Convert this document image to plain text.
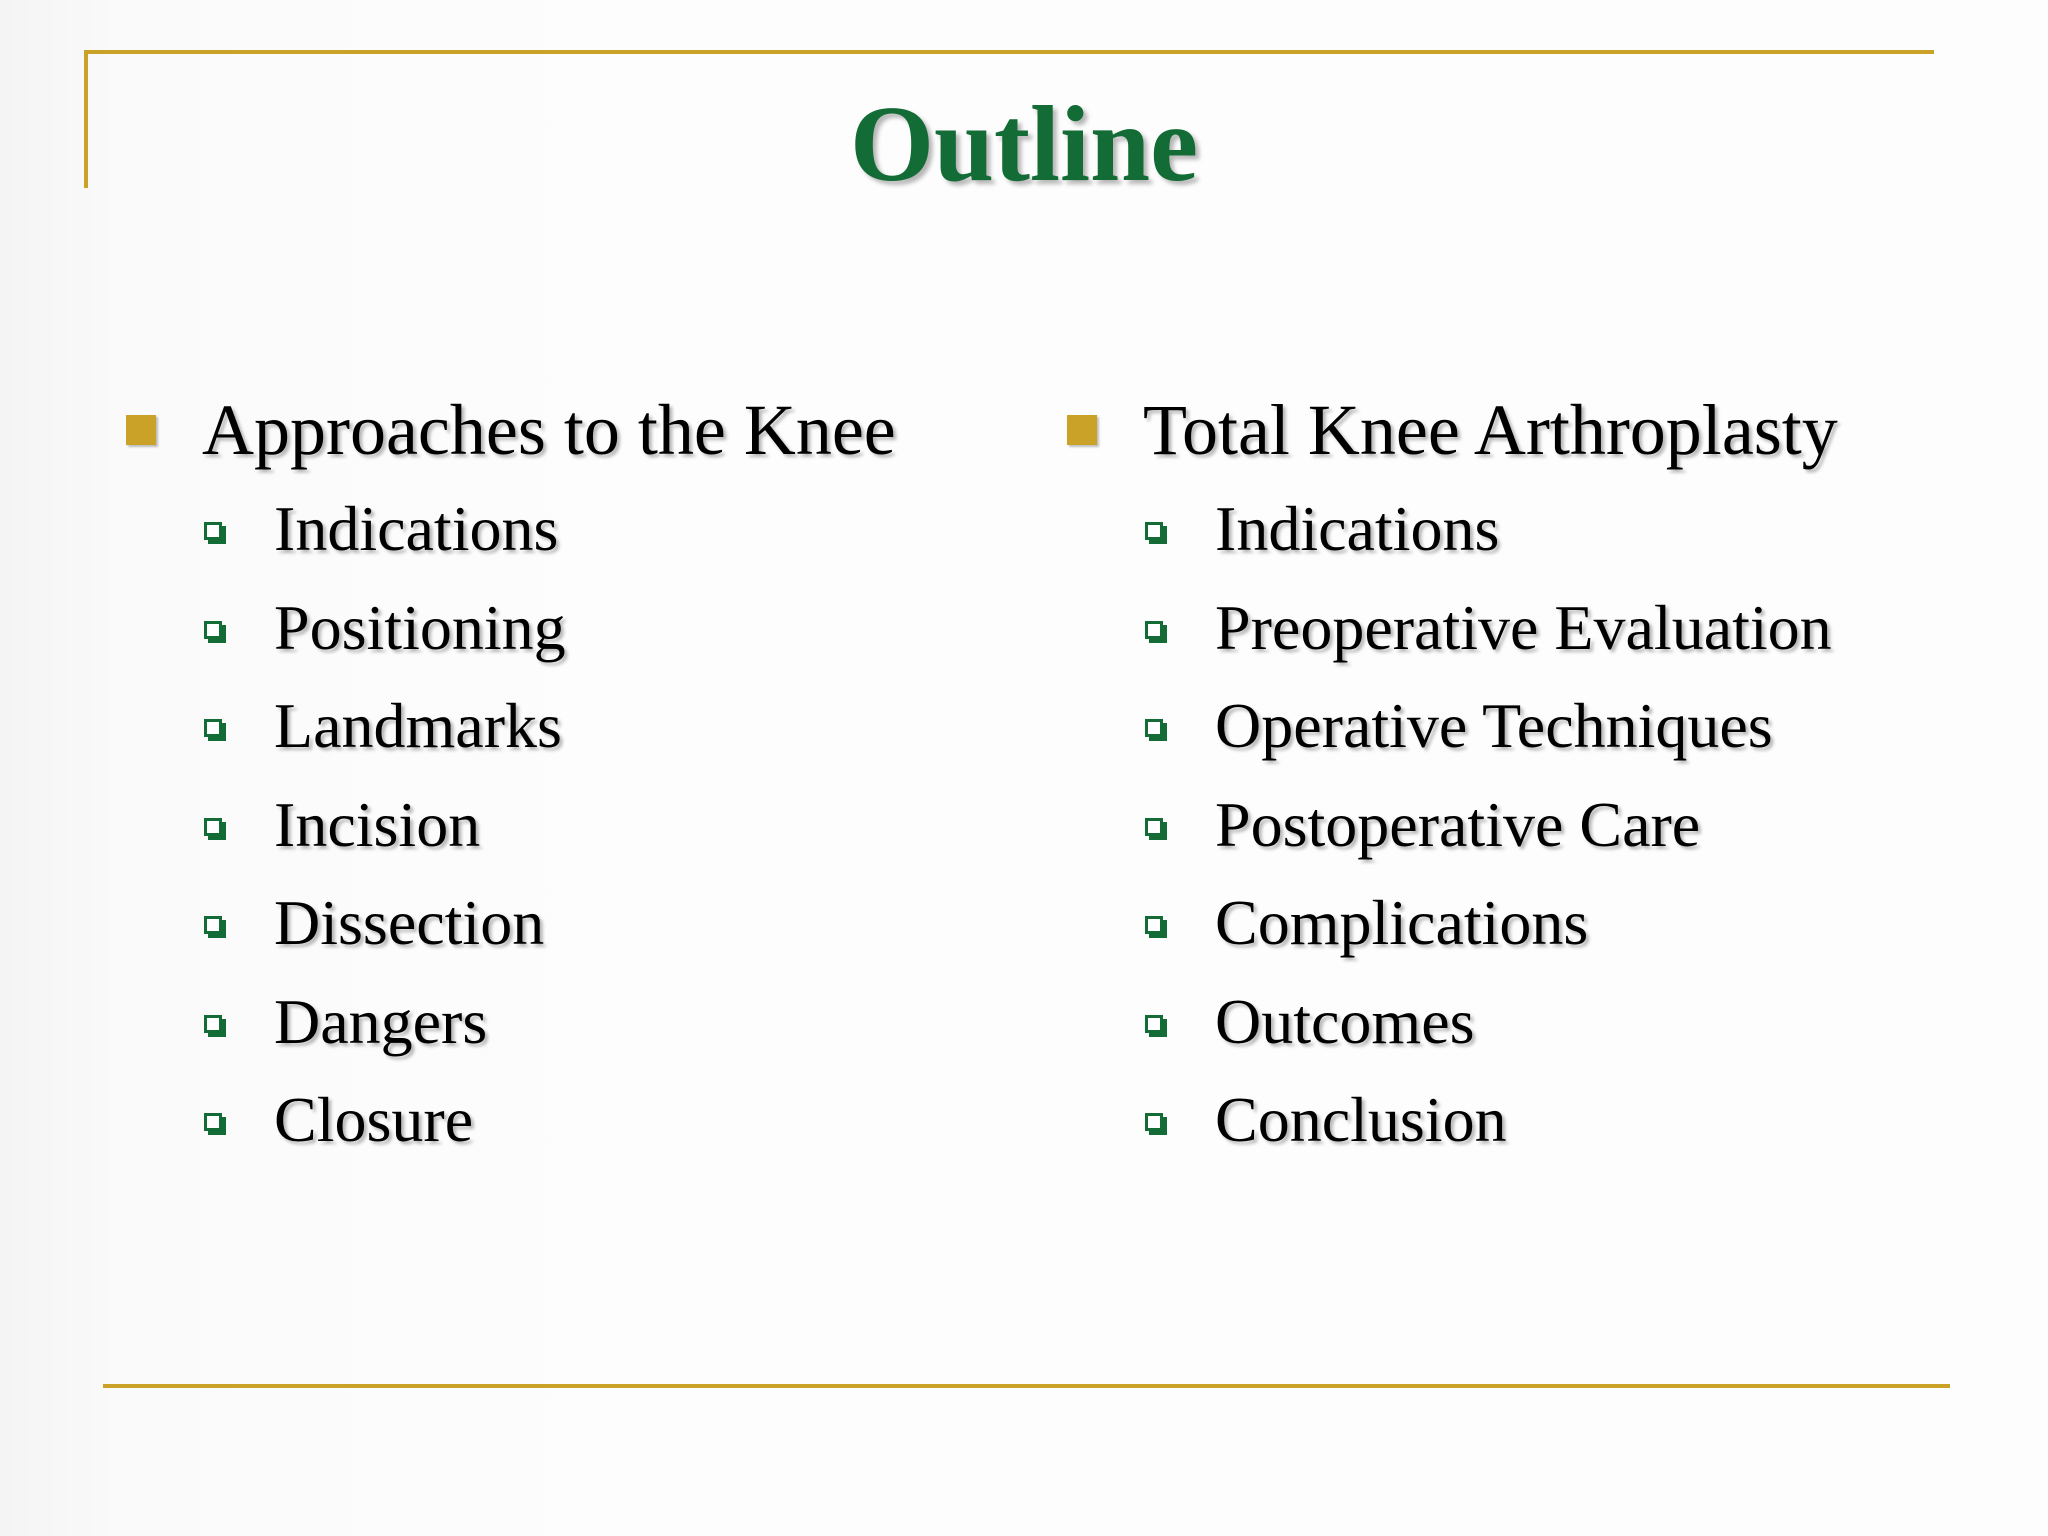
Outline
Approaches to the Knee
Indications
Positioning
Landmarks
Incision
Dissection
Dangers
Closure
Total Knee Arthroplasty
Indications
Preoperative Evaluation
Operative Techniques
Postoperative Care
Complications
Outcomes
Conclusion
